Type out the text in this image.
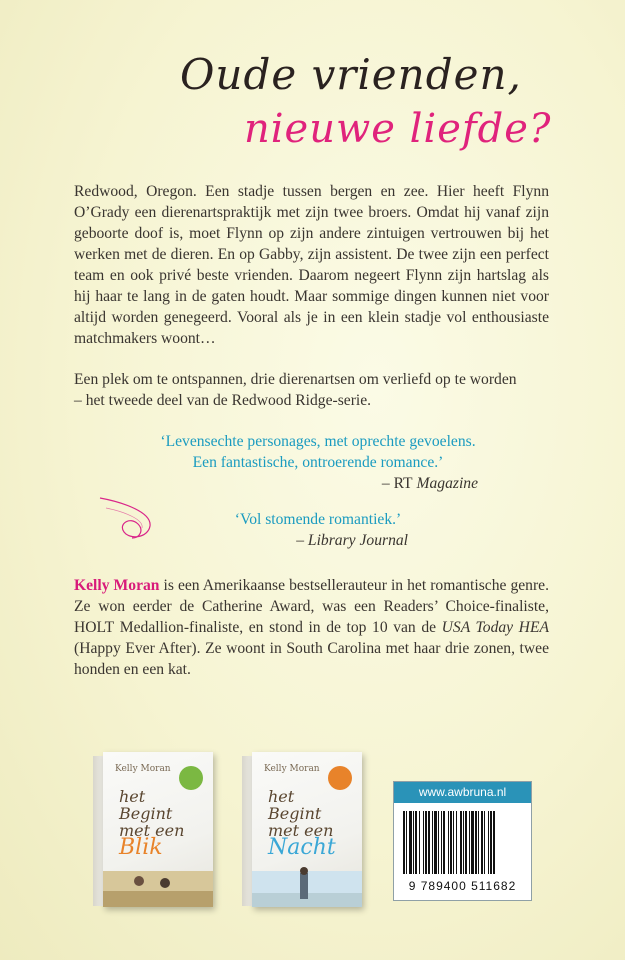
Oude vrienden,
nieuwe liefde?

Redwood, Oregon. Een stadje tussen bergen en zee. Hier heeft Flynn O’Grady een dierenartspraktijk met zijn twee broers. Omdat hij vanaf zijn geboorte doof is, moet Flynn op zijn andere zintuigen vertrouwen bij het werken met de dieren. En op Gabby, zijn assistent. De twee zijn een perfect team en ook privé beste vrienden. Daarom negeert Flynn zijn hartslag als hij haar te lang in de gaten houdt. Maar sommige dingen kunnen niet voor altijd worden genegeerd. Vooral als je in een klein stadje vol enthousiaste matchmakers woont…

Een plek om te ontspannen, drie dierenartsen om verliefd op te worden
– het tweede deel van de Redwood Ridge-serie.
‘Levensechte personages, met oprechte gevoelens.
Een fantastische, ontroerende romance.’
– RT Magazine
‘Vol stomende romantiek.’
– Library Journal
Kelly Moran is een Amerikaanse bestsellerauteur in het romantische genre. Ze won eerder de Catherine Award, was een Readers’ Choice-finaliste, HOLT Medallion-finaliste, en stond in de top 10 van de USA Today HEA (Happy Ever After). Ze woont in South Carolina met haar drie zonen, twee honden en een kat.
Kelly Moran
het
Begint
met een
Blik
Kelly Moran
het
Begint
met een
Nacht
www.awbruna.nl
9 789400 511682
